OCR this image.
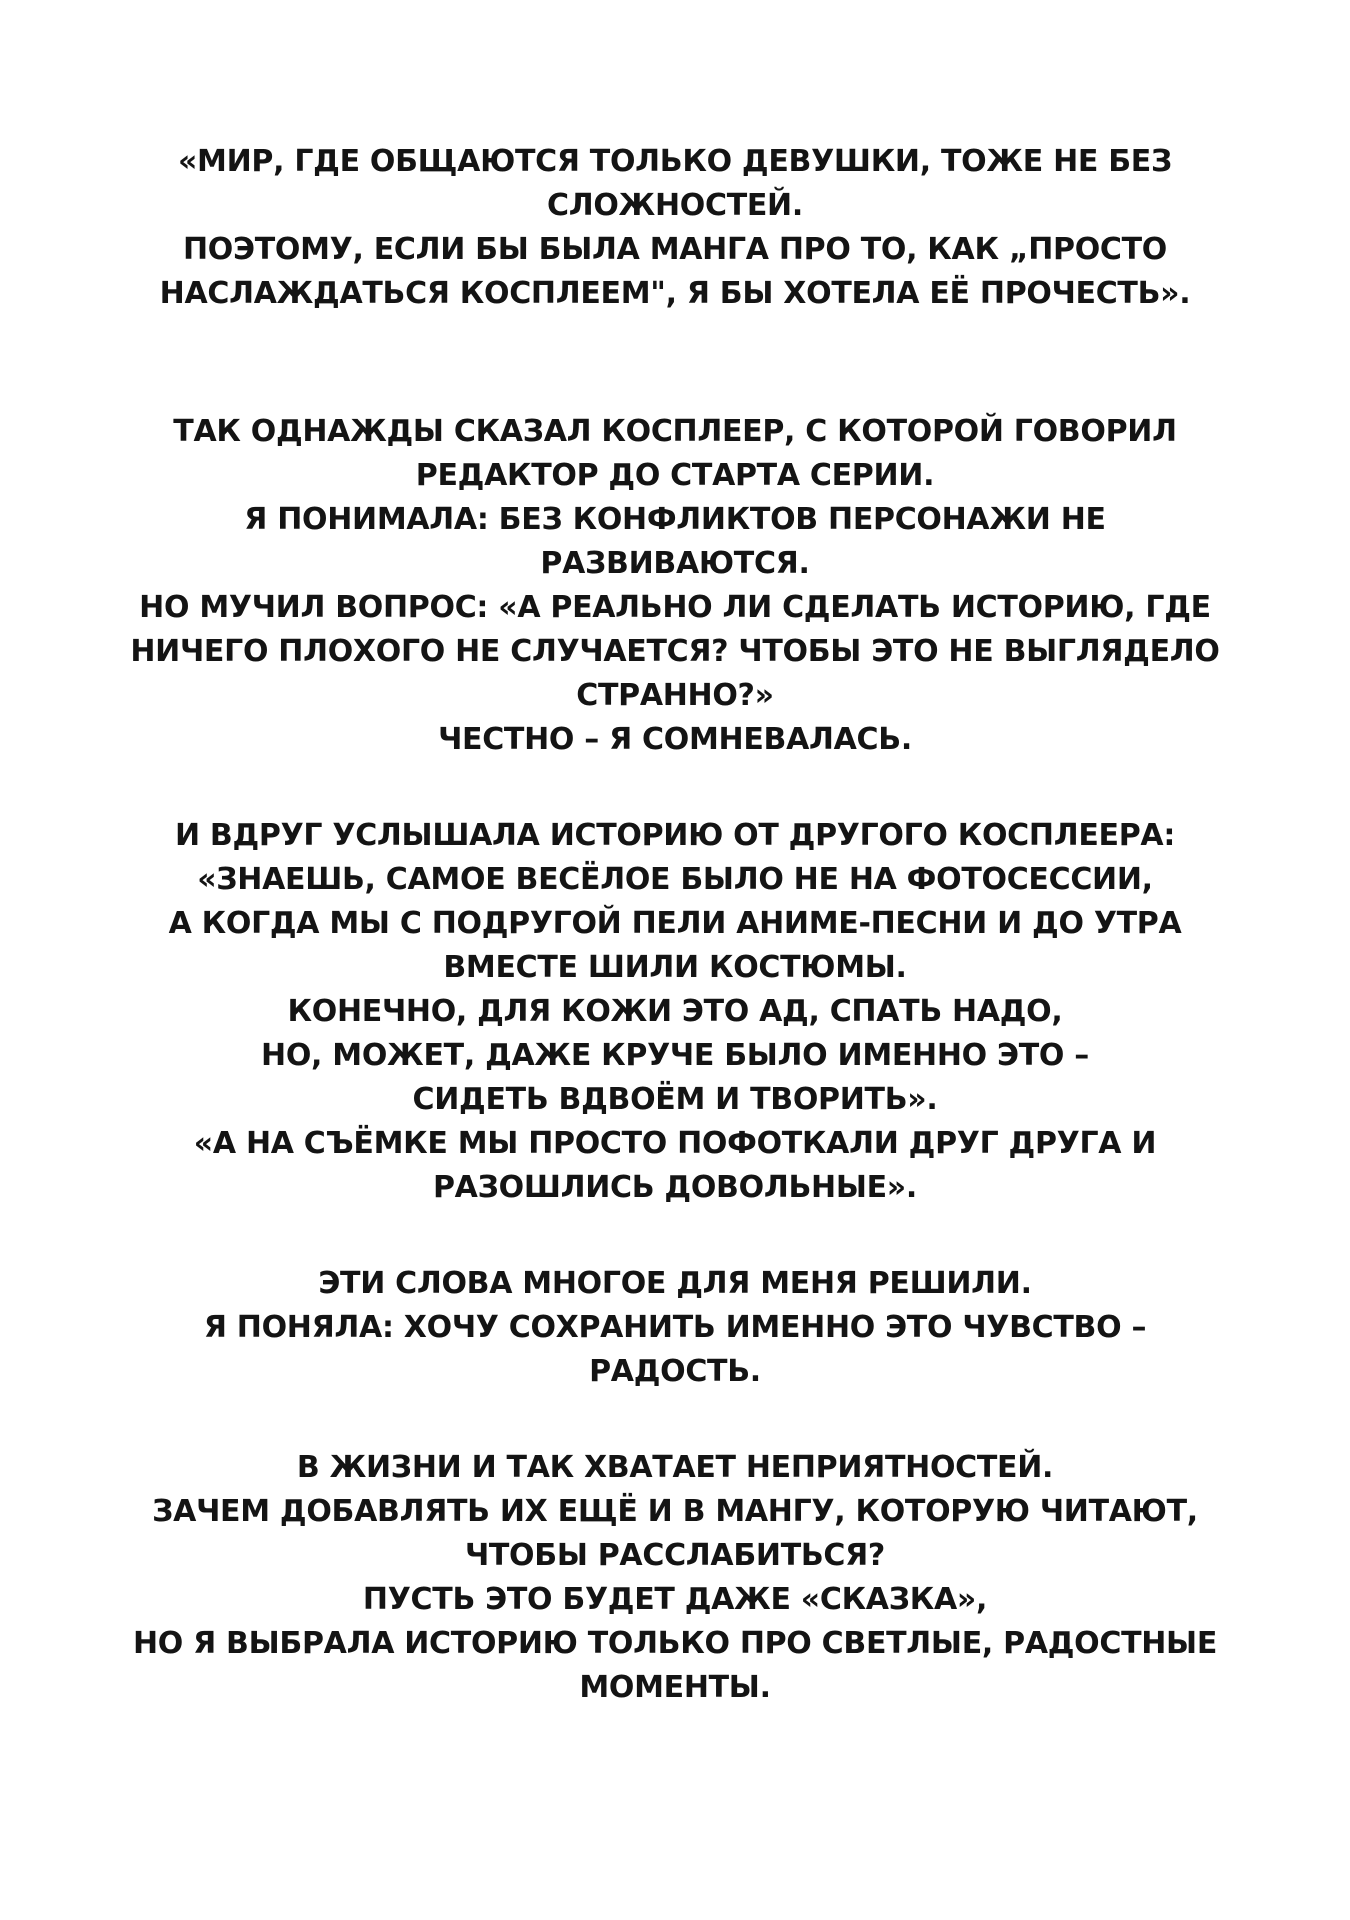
«МИР, ГДЕ ОБЩАЮТСЯ ТОЛЬКО ДЕВУШКИ, ТОЖЕ НЕ БЕЗ
СЛОЖНОСТЕЙ.
ПОЭТОМУ, ЕСЛИ БЫ БЫЛА МАНГА ПРО ТО, КАК „ПРОСТО
НАСЛАЖДАТЬСЯ КОСПЛЕЕМ", Я БЫ ХОТЕЛА ЕЁ ПРОЧЕСТЬ».

ТАК ОДНАЖДЫ СКАЗАЛ КОСПЛЕЕР, С КОТОРОЙ ГОВОРИЛ
РЕДАКТОР ДО СТАРТА СЕРИИ.
Я ПОНИМАЛА: БЕЗ КОНФЛИКТОВ ПЕРСОНАЖИ НЕ
РАЗВИВАЮТСЯ.
НО МУЧИЛ ВОПРОС: «А РЕАЛЬНО ЛИ СДЕЛАТЬ ИСТОРИЮ, ГДЕ
НИЧЕГО ПЛОХОГО НЕ СЛУЧАЕТСЯ? ЧТОБЫ ЭТО НЕ ВЫГЛЯДЕЛО
СТРАННО?»
ЧЕСТНО – Я СОМНЕВАЛАСЬ.

И ВДРУГ УСЛЫШАЛА ИСТОРИЮ ОТ ДРУГОГО КОСПЛЕЕРА:
«ЗНАЕШЬ, САМОЕ ВЕСЁЛОЕ БЫЛО НЕ НА ФОТОСЕССИИ,
А КОГДА МЫ С ПОДРУГОЙ ПЕЛИ АНИМЕ-ПЕСНИ И ДО УТРА
ВМЕСТЕ ШИЛИ КОСТЮМЫ.
КОНЕЧНО, ДЛЯ КОЖИ ЭТО АД, СПАТЬ НАДО,
НО, МОЖЕТ, ДАЖЕ КРУЧЕ БЫЛО ИМЕННО ЭТО –
СИДЕТЬ ВДВОЁМ И ТВОРИТЬ».
«А НА СЪЁМКЕ МЫ ПРОСТО ПОФОТКАЛИ ДРУГ ДРУГА И
РАЗОШЛИСЬ ДОВОЛЬНЫЕ».

ЭТИ СЛОВА МНОГОЕ ДЛЯ МЕНЯ РЕШИЛИ.
Я ПОНЯЛА: ХОЧУ СОХРАНИТЬ ИМЕННО ЭТО ЧУВСТВО –
РАДОСТЬ.

В ЖИЗНИ И ТАК ХВАТАЕТ НЕПРИЯТНОСТЕЙ.
ЗАЧЕМ ДОБАВЛЯТЬ ИХ ЕЩЁ И В МАНГУ, КОТОРУЮ ЧИТАЮТ,
ЧТОБЫ РАССЛАБИТЬСЯ?
ПУСТЬ ЭТО БУДЕТ ДАЖЕ «СКАЗКА»,
НО Я ВЫБРАЛА ИСТОРИЮ ТОЛЬКО ПРО СВЕТЛЫЕ, РАДОСТНЫЕ
МОМЕНТЫ.
